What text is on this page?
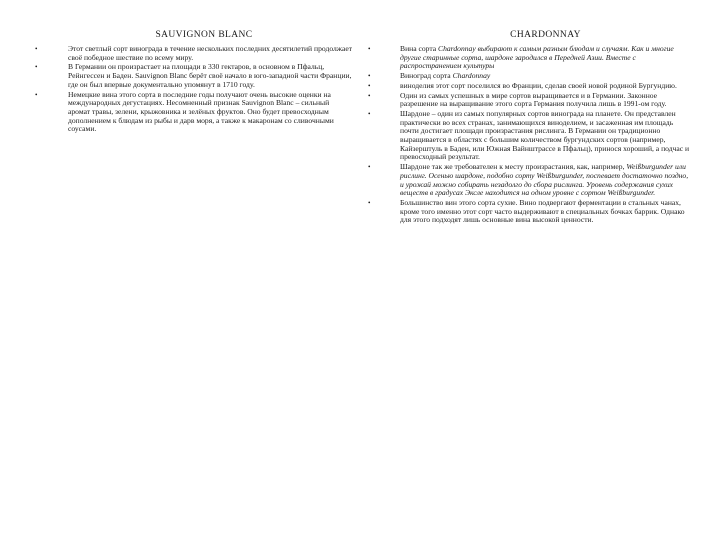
SAUVIGNON BLANC
•	Этот светлый сорт винограда в течение нескольких последних десятилетий продолжает своё победное шествие по всему миру.
•	В Германии он произрастает на площади в 330 гектаров, в основном в Пфальц, Рейнгессен и Баден. Sauvignon Blanc берёт своё начало в юго-западной части Франции, где он был впервые документально упомянут в 1710 году.
•	Немецкие вина этого сорта в последние годы получают очень высокие оценки на международных дегустациях. Несомненный признак Sauvignon Blanc – сильный аромат травы, зелени, крыжовника и зелёных фруктов. Оно будет превосходным дополнением к блюдам из рыбы и дарв моря, а также к макаронам со сливочными соусами.
CHARDONNAY
•	Вина сорта Chardonnay выбирают к самым разным блюдам и случаям. Как и многие другие старинные сорта, шардоне зародился в Передней Азии. Вместе с распространением культуры
•	Виноград сорта Chardonnay
•	виноделия этот сорт поселился во Франции, сделав своей новой родиной Бургундию.
•	Один из самых успешных в мире сортов выращивается и в Германии. Законное разрешение на выращивание этого сорта Германия получила лишь в 1991-ом году.
•	Шардоне – один из самых популярных сортов винограда на планете. Он представлен практически во всех странах, занимающихся виноделием, и засаженная им площадь почти достигает площади произрастания рислинга. В Германии он традиционно выращивается в областях с большим количеством бургундских сортов (например, Кайзерштуль в Баден, или Южная Вайнштрассе в Пфальц), принося хороший, а подчас и превосходный результат.
•	Шардоне так же требователен к месту произрастания, как, например, Weißburgunder или рислинг. Осенью шардоне, подобно сорту Weißburgunder, поспевает достаточно поздно, и урожай можно собирать незадолго до сбора рислинга. Уровень содержания сухих веществ в градусах Экслe находится на одном уровне с сортом Weißburgunder.
•	Большинство вин этого сорта сухие. Вино подвергают ферментации в стальных чанах, кроме того именно этот сорт часто выдерживают в специальных бочках баррик. Однако для этого подходят лишь основные вина высокой ценности.
